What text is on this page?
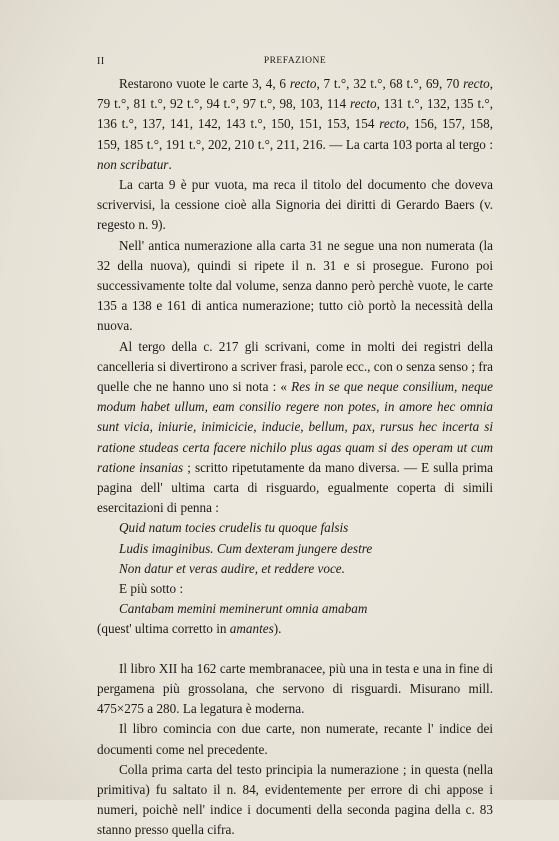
II	PREFAZIONE

Restarono vuote le carte 3, 4, 6 recto, 7 t.°, 32 t.°, 68 t.°, 69, 70 recto, 79 t.°, 81 t.°, 92 t.°, 94 t.°, 97 t.°, 98, 103, 114 recto, 131 t.°, 132, 135 t.°, 136 t.°, 137, 141, 142, 143 t.°, 150, 151, 153, 154 recto, 156, 157, 158, 159, 185 t.°, 191 t.°, 202, 210 t.°, 211, 216. — La carta 103 porta al tergo : non scribatur.

La carta 9 è pur vuota, ma reca il titolo del documento che doveva scrivervisi, la cessione cioè alla Signoria dei diritti di Gerardo Baers (v. regesto n. 9).

Nell' antica numerazione alla carta 31 ne segue una non numerata (la 32 della nuova), quindi si ripete il n. 31 e si prosegue. Furono poi successivamente tolte dal volume, senza danno però perchè vuote, le carte 135 a 138 e 161 di antica numerazione; tutto ciò portò la necessità della nuova.

Al tergo della c. 217 gli scrivani, come in molti dei registri della cancelleria si divertirono a scriver frasi, parole ecc., con o senza senso ; fra quelle che ne hanno uno si nota : « Res in se que neque consilium, neque modum habet ullum, eam consilio regere non potes, in amore hec omnia sunt vicia, iniurie, inimicicie, inducie, bellum, pax, rursus hec incerta si ratione studeas certa facere nichilo plus agas quam si des operam ut cum ratione insanias ; scritto ripetutamente da mano diversa. — E sulla prima pagina dell' ultima carta di risguardo, egualmente coperta di simili esercitazioni di penna :

Quid natum tocies crudelis tu quoque falsis
Ludis imaginibus. Cum dexteram jungere destre
Non datur et veras audire, et reddere voce.

E più sotto :

Cantabam memini meminerunt omnia amabam

(quest' ultima corretto in amantes).

Il libro XII ha 162 carte membranacee, più una in testa e una in fine di pergamena più grossolana, che servono di risguardi. Misurano mill. 475×275 a 280. La legatura è moderna.

Il libro comincia con due carte, non numerate, recante l' indice dei documenti come nel precedente.

Colla prima carta del testo principia la numerazione ; in questa (nella primitiva) fu saltato il n. 84, evidentemente per errore di chi appose i numeri, poichè nell' indice i documenti della seconda pagina della c. 83 stanno presso quella cifra.
